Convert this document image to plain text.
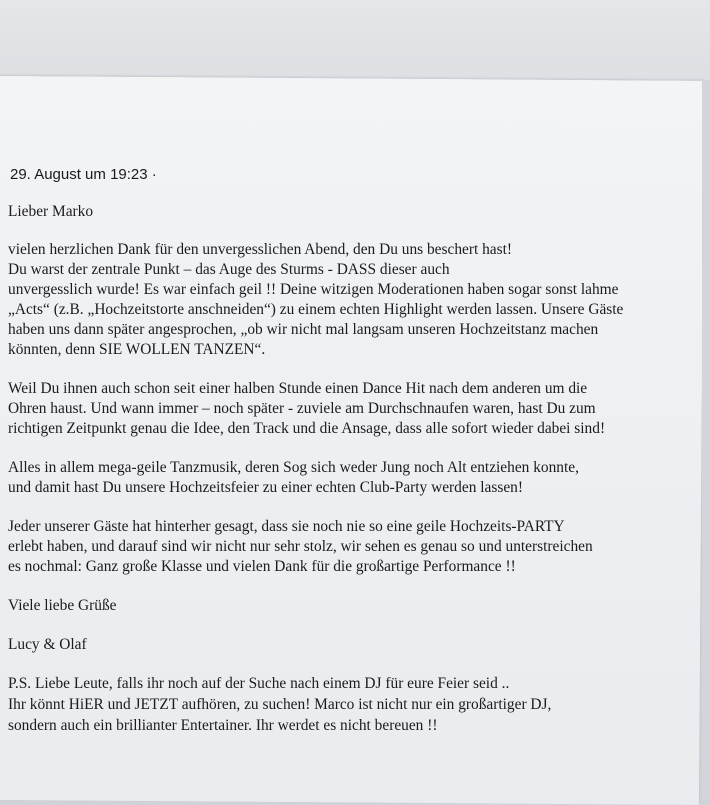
29. August um 19:23 ·
Lieber Marko
vielen herzlichen Dank für den unvergesslichen Abend, den Du uns beschert hast!
Du warst der zentrale Punkt – das Auge des Sturms - DASS dieser auch
unvergesslich wurde! Es war einfach geil !! Deine witzigen Moderationen haben sogar sonst lahme
„Acts“ (z.B. „Hochzeitstorte anschneiden“) zu einem echten Highlight werden lassen. Unsere Gäste
haben uns dann später angesprochen, „ob wir nicht mal langsam unseren Hochzeitstanz machen
könnten, denn SIE WOLLEN TANZEN“.
Weil Du ihnen auch schon seit einer halben Stunde einen Dance Hit nach dem anderen um die
Ohren haust. Und wann immer – noch später - zuviele am Durchschnaufen waren, hast Du zum
richtigen Zeitpunkt genau die Idee, den Track und die Ansage, dass alle sofort wieder dabei sind!
Alles in allem mega-geile Tanzmusik, deren Sog sich weder Jung noch Alt entziehen konnte,
und damit hast Du unsere Hochzeitsfeier zu einer echten Club-Party werden lassen!
Jeder unserer Gäste hat hinterher gesagt, dass sie noch nie so eine geile Hochzeits-PARTY
erlebt haben, und darauf sind wir nicht nur sehr stolz, wir sehen es genau so und unterstreichen
es nochmal: Ganz große Klasse und vielen Dank für die großartige Performance !!
Viele liebe Grüße
Lucy & Olaf
P.S. Liebe Leute, falls ihr noch auf der Suche nach einem DJ für eure Feier seid ..
Ihr könnt HiER und JETZT aufhören, zu suchen! Marco ist nicht nur ein großartiger DJ,
sondern auch ein brillianter Entertainer. Ihr werdet es nicht bereuen !!
